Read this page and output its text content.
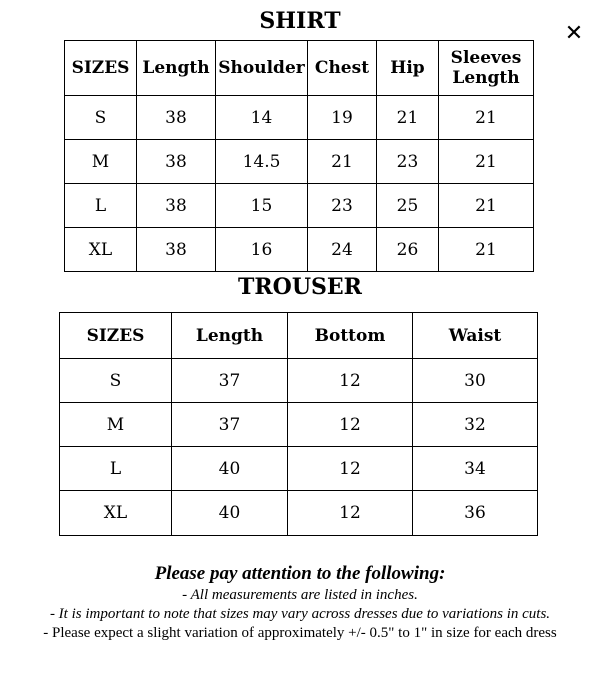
✕
SHIRT
SIZES	Length	Shoulder	Chest	Hip	Sleeves Length
S	38	14	19	21	21
M	38	14.5	21	23	21
L	38	15	23	25	21
XL	38	16	24	26	21
TROUSER
SIZES	Length	Bottom	Waist
S	37	12	30
M	37	12	32
L	40	12	34
XL	40	12	36
Please pay attention to the following:
- All measurements are listed in inches.
- It is important to note that sizes may vary across dresses due to variations in cuts.
- Please expect a slight variation of approximately +/- 0.5" to 1" in size for each dress
